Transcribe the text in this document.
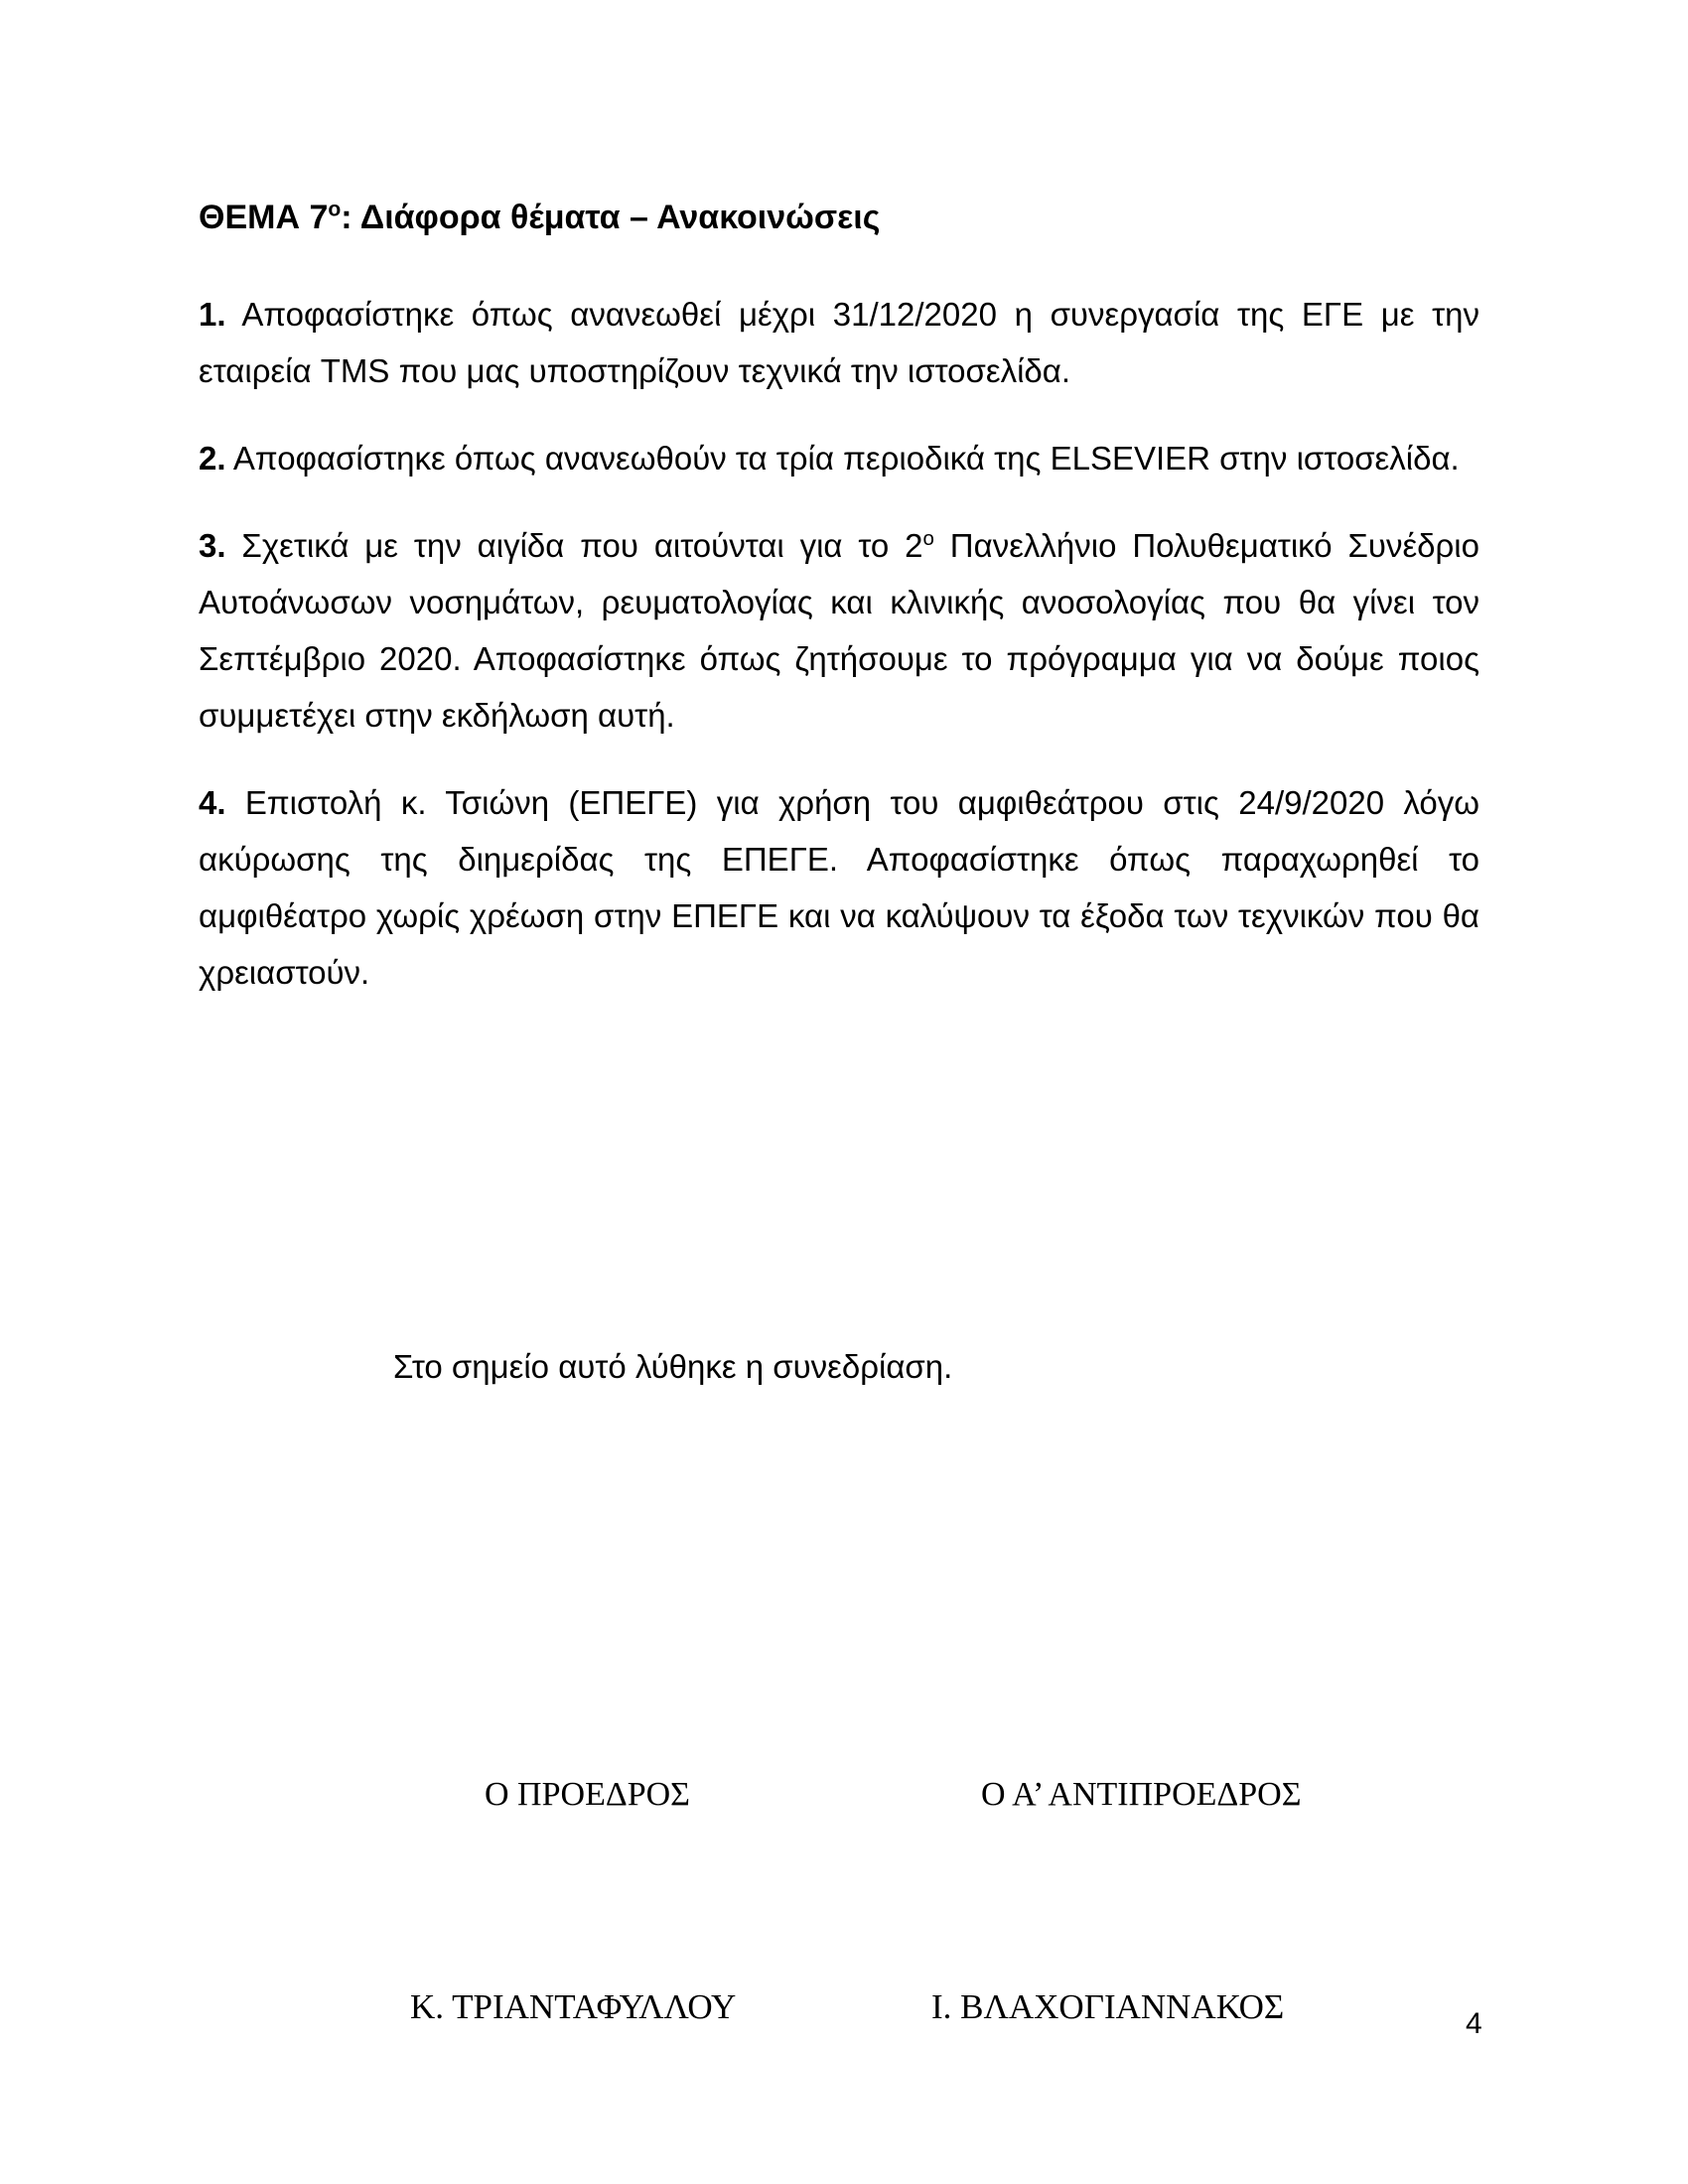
ΘΕΜΑ $7^o$: Διάφορα θέματα – Ανακοινώσεις

1. Αποφασίστηκε όπως ανανεωθεί μέχρι 31/12/2020 η συνεργασία της ΕΓΕ με την εταιρεία TMS που μας υποστηρίζουν τεχνικά την ιστοσελίδα.

2. Αποφασίστηκε όπως ανανεωθούν τα τρία περιοδικά της ELSEVIER στην ιστοσελίδα.

3. Σχετικά με την αιγίδα που αιτούνται για το $2^o$ Πανελλήνιο Πολυθεματικό Συνέδριο Αυτοάνωσων νοσημάτων, ρευματολογίας και κλινικής ανοσολογίας που θα γίνει τον Σεπτέμβριο 2020. Αποφασίστηκε όπως ζητήσουμε το πρόγραμμα για να δούμε ποιος συμμετέχει στην εκδήλωση αυτή.

4. Επιστολή κ. Τσιώνη (ΕΠΕΓΕ) για χρήση του αμφιθεάτρου στις 24/9/2020 λόγω ακύρωσης της διημερίδας της ΕΠΕΓΕ. Αποφασίστηκε όπως παραχωρηθεί το αμφιθέατρο χωρίς χρέωση στην ΕΠΕΓΕ και να καλύψουν τα έξοδα των τεχνικών που θα χρειαστούν.

Στο σημείο αυτό λύθηκε η συνεδρίαση.

Ο ΠΡΟΕΔΡΟΣ	Ο Α’ ΑΝΤΙΠΡΟΕΔΡΟΣ
Κ. ΤΡΙΑΝΤΑΦΥΛΛΟΥ	Ι. ΒΛΑΧΟΓΙΑΝΝΑΚΟΣ	4
